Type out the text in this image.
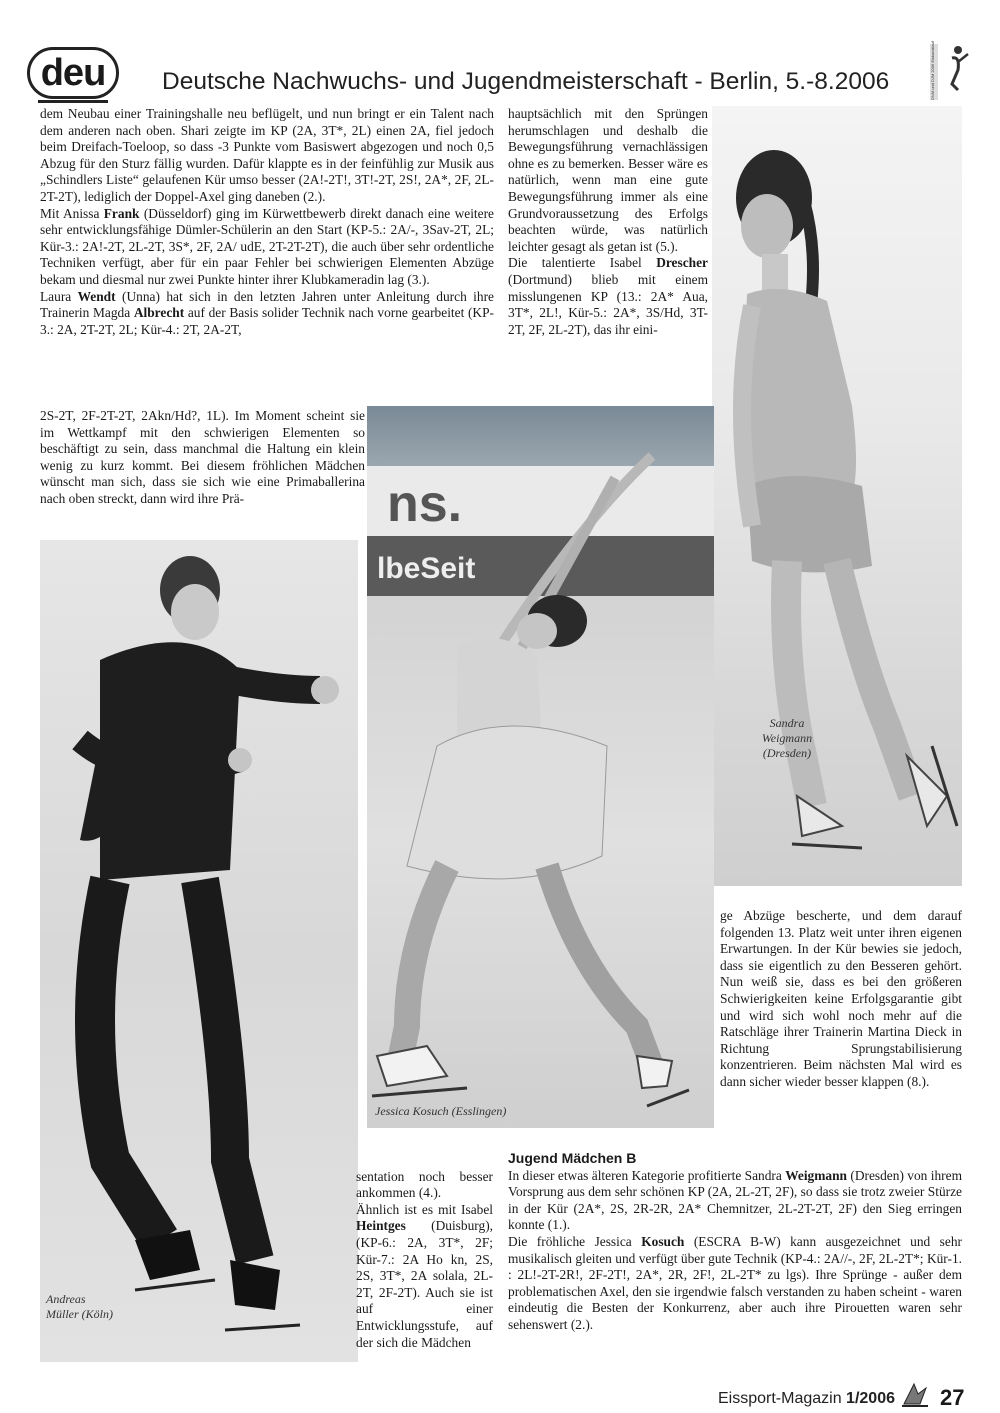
deu Deutsche Nachwuchs- und Jugendmeisterschaft - Berlin, 5.-8.2006	DNM und DJM 2006 Eiskunstlauf Berlin, 5.-8. Januar

dem Neubau einer Trainingshalle neu beflügelt, und nun bringt er ein Talent nach dem anderen nach oben. Shari zeigte im KP (2A, 3T*, 2L) einen 2A, fiel jedoch beim Dreifach-Toeloop, so dass -3 Punkte vom Basiswert abgezogen und noch 0,5 Abzug für den Sturz fällig wurden. Dafür klappte es in der feinfühlig zur Musik aus „Schindlers Liste“ gelaufenen Kür umso besser (2A!-2T!, 3T!-2T, 2S!, 2A*, 2F, 2L-2T-2T), lediglich der Doppel-Axel ging daneben (2.).

Mit Anissa Frank (Düsseldorf) ging im Kürwettbewerb direkt danach eine weitere sehr entwicklungsfähige Dümler-Schülerin an den Start (KP-5.: 2A/-, 3Sav-2T, 2L; Kür-3.: 2A!-2T, 2L-2T, 3S*, 2F, 2A/ udE, 2T-2T-2T), die auch über sehr ordentliche Techniken verfügt, aber für ein paar Fehler bei schwierigen Elementen Abzüge bekam und diesmal nur zwei Punkte hinter ihrer Klubkameradin lag (3.).

Laura Wendt (Unna) hat sich in den letzten Jahren unter Anleitung durch ihre Trainerin Magda Albrecht auf der Basis solider Technik nach vorne gearbeitet (KP-3.: 2A, 2T-2T, 2L; Kür-4.: 2T, 2A-2T,

2S-2T, 2F-2T-2T, 2Akn/Hd?, 1L). Im Moment scheint sie im Wettkampf mit den schwierigen Elementen so beschäftigt zu sein, dass manchmal die Haltung ein klein wenig zu kurz kommt. Bei diesem fröhlichen Mädchen wünscht man sich, dass sie sich wie eine Primaballerina nach oben streckt, dann wird ihre Prä-

hauptsächlich mit den Sprüngen herumschlagen und deshalb die Bewegungsführung vernachlässigen ohne es zu bemerken. Besser wäre es natürlich, wenn man eine gute Bewegungsführung immer als eine Grundvoraussetzung des Erfolgs beachten würde, was natürlich leichter gesagt als getan ist (5.).

Die talentierte Isabel Drescher (Dortmund) blieb mit einem misslungenen KP (13.: 2A* Aua, 3T*, 2L!, Kür-5.: 2A*, 3S/Hd, 3T-2T, 2F, 2L-2T), das ihr eini-

Sandra
Weigmann
(Dresden)
ns.
lbeSeit
Jessica Kosuch (Esslingen)
Andreas
Müller (Köln)
ge Abzüge bescherte, und dem darauf folgenden 13. Platz weit unter ihren eigenen Erwartungen. In der Kür bewies sie jedoch, dass sie eigentlich zu den Besseren gehört. Nun weiß sie, dass es bei den größeren Schwierigkeiten keine Erfolgsgarantie gibt und wird sich wohl noch mehr auf die Ratschläge ihrer Trainerin Martina Dieck in Richtung Sprungstabilisierung konzentrieren. Beim nächsten Mal wird es dann sicher wieder besser klappen (8.).

sentation noch besser ankommen (4.).
Ähnlich ist es mit Isabel Heintges (Duisburg), (KP-6.: 2A, 3T*, 2F; Kür-7.: 2A Ho kn, 2S, 2S, 3T*, 2A solala, 2L-2T, 2F-2T). Auch sie ist auf einer Entwicklungsstufe, auf der sich die Mädchen

Jugend Mädchen B

In dieser etwas älteren Kategorie profitierte Sandra Weigmann (Dresden) von ihrem Vorsprung aus dem sehr schönen KP (2A, 2L-2T, 2F), so dass sie trotz zweier Stürze in der Kür (2A*, 2S, 2R-2R, 2A* Chemnitzer, 2L-2T-2T, 2F) den Sieg erringen konnte (1.).

Die fröhliche Jessica Kosuch (ESCRA B-W) kann ausgezeichnet und sehr musikalisch gleiten und verfügt über gute Technik (KP-4.: 2A//-, 2F, 2L-2T*; Kür-1. : 2L!-2T-2R!, 2F-2T!, 2A*, 2R, 2F!, 2L-2T* zu lgs). Ihre Sprünge - außer dem problematischen Axel, den sie irgendwie falsch verstanden zu haben scheint - waren eindeutig die Besten der Konkurrenz, aber auch ihre Pirouetten waren sehr sehenswert (2.).

Eissport-Magazin 1/2006 27
